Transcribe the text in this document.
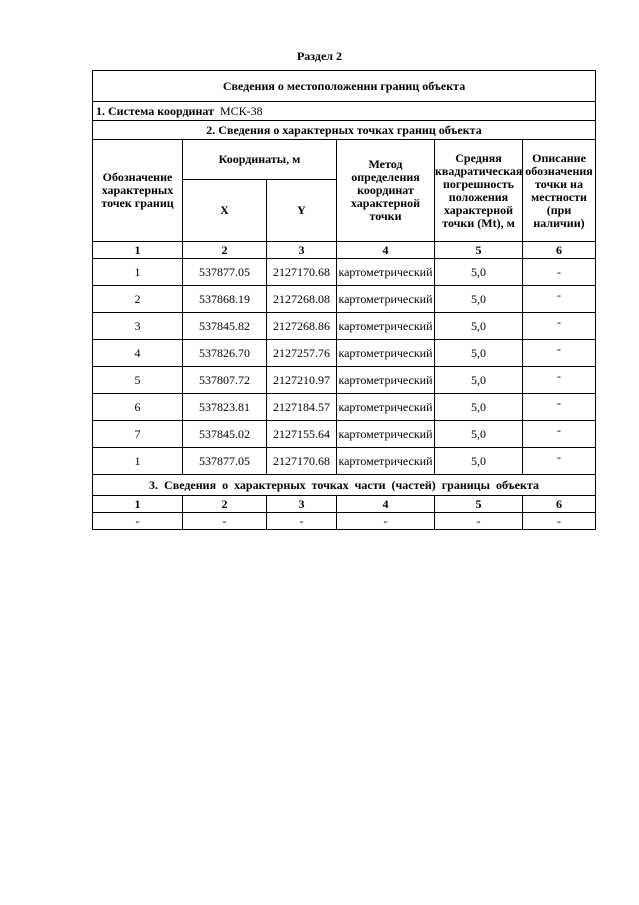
Раздел 2
Сведения о местоположении границ объекта					
1. Система координат МСК-38					
2. Сведения о характерных точках границ объекта					
Обозначение характерных точек границ	Координаты, м		Метод определения координат характерной точки	Средняя квадратическая погрешность положения характерной точки (Mt), м	Описание обозначения точки на местности (при наличии)
	X	Y			
1	2	3	4	5	6
1	537877.05	2127170.68	картометрический	5,0	-
2	537868.19	2127268.08	картометрический	5,0	-
3	537845.82	2127268.86	картометрический	5,0	-
4	537826.70	2127257.76	картометрический	5,0	-
5	537807.72	2127210.97	картометрический	5,0	-
6	537823.81	2127184.57	картометрический	5,0	-
7	537845.02	2127155.64	картометрический	5,0	-
1	537877.05	2127170.68	картометрический	5,0	-
3. Сведения о характерных точках части (частей) границы объекта					
1	2	3	4	5	6
-	-	-	-	-	-
